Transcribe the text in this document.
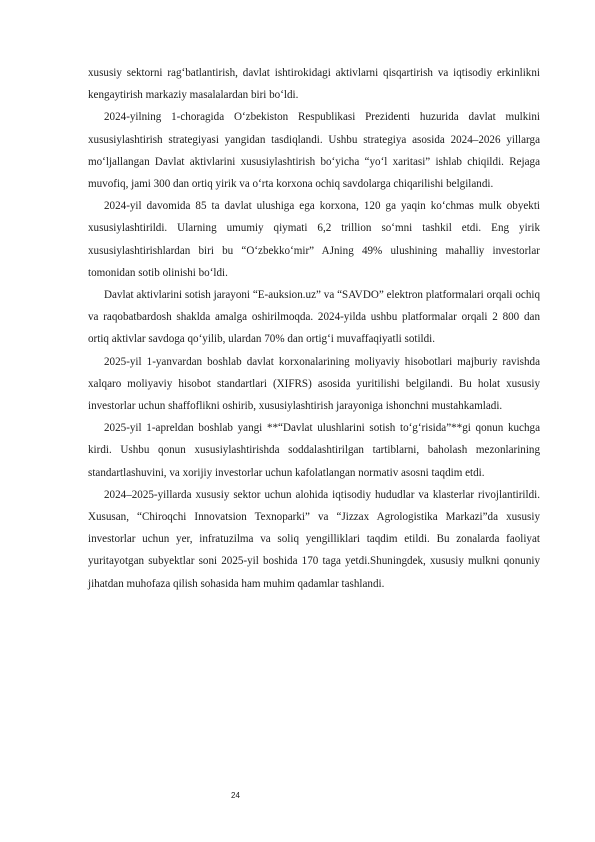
xususiy sektorni rag‘batlantirish, davlat ishtirokidagi aktivlarni qisqartirish va iqtisodiy erkinlikni kengaytirish markaziy masalalardan biri bo‘ldi.

2024-yilning 1-choragida O‘zbekiston Respublikasi Prezidenti huzurida davlat mulkini xususiylashtirish strategiyasi yangidan tasdiqlandi. Ushbu strategiya asosida 2024–2026 yillarga mo‘ljallangan Davlat aktivlarini xususiylashtirish bo‘yicha “yo‘l xaritasi” ishlab chiqildi. Rejaga muvofiq, jami 300 dan ortiq yirik va o‘rta korxona ochiq savdolarga chiqarilishi belgilandi.

2024-yil davomida 85 ta davlat ulushiga ega korxona, 120 ga yaqin ko‘chmas mulk obyekti xususiylashtirildi. Ularning umumiy qiymati 6,2 trillion so‘mni tashkil etdi. Eng yirik xususiylashtirishlardan biri bu “O‘zbekko‘mir” AJning 49% ulushining mahalliy investorlar tomonidan sotib olinishi bo‘ldi.

Davlat aktivlarini sotish jarayoni “E-auksion.uz” va “SAVDO” elektron platformalari orqali ochiq va raqobatbardosh shaklda amalga oshirilmoqda. 2024-yilda ushbu platformalar orqali 2 800 dan ortiq aktivlar savdoga qo‘yilib, ulardan 70% dan ortig‘i muvaffaqiyatli sotildi.

2025-yil 1-yanvardan boshlab davlat korxonalarining moliyaviy hisobotlari majburiy ravishda xalqaro moliyaviy hisobot standartlari (XIFRS) asosida yuritilishi belgilandi. Bu holat xususiy investorlar uchun shaffoflikni oshirib, xususiylashtirish jarayoniga ishonchni mustahkamladi.

2025-yil 1-apreldan boshlab yangi **“Davlat ulushlarini sotish to‘g‘risida”**gi qonun kuchga kirdi. Ushbu qonun xususiylashtirishda soddalashtirilgan tartiblarni, baholash mezonlarining standartlashuvini, va xorijiy investorlar uchun kafolatlangan normativ asosni taqdim etdi.

2024–2025-yillarda xususiy sektor uchun alohida iqtisodiy hududlar va klasterlar rivojlantirildi. Xususan, “Chiroqchi Innovatsion Texnoparki” va “Jizzax Agrologistika Markazi”da xususiy investorlar uchun yer, infratuzilma va soliq yengilliklari taqdim etildi. Bu zonalarda faoliyat yuritayotgan subyektlar soni 2025-yil boshida 170 taga yetdi.Shuningdek, xususiy mulkni qonuniy jihatdan muhofaza qilish sohasida ham muhim qadamlar tashlandi.

24
